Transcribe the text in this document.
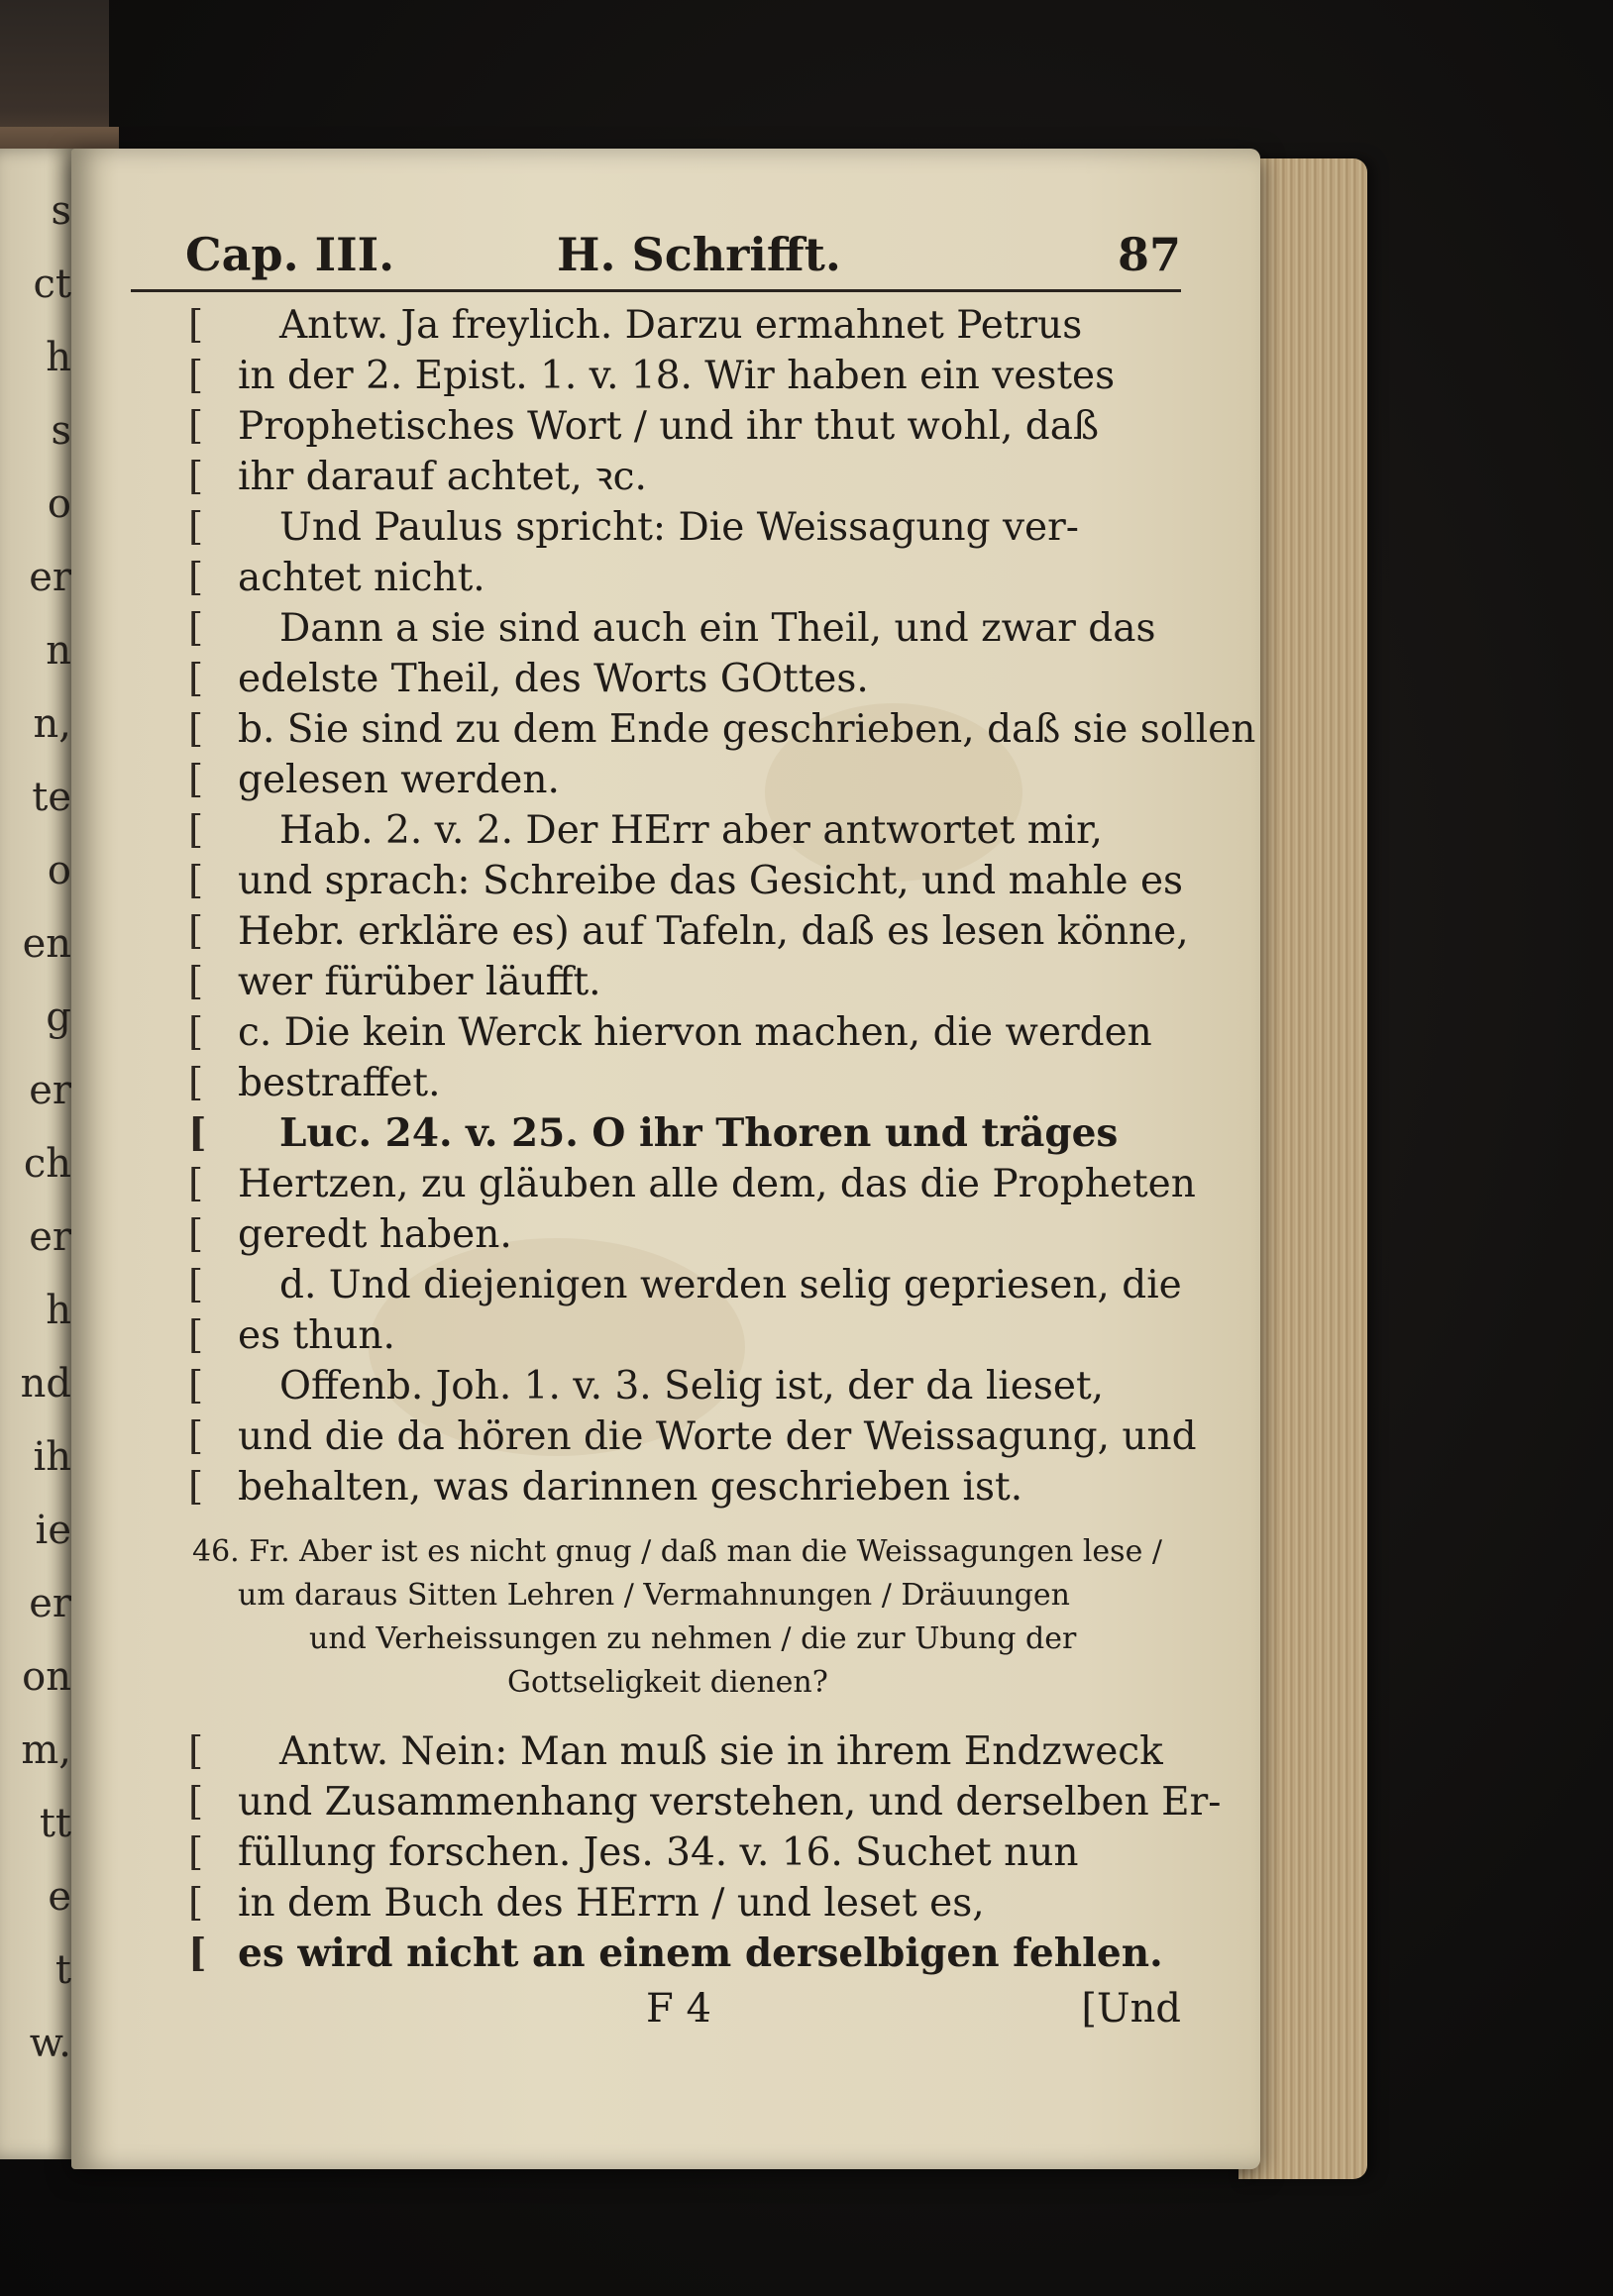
s
ct
h
s
o
er
n
n,
te
o
en
g
er
ch
er
h
nd
ih
ie
er
on
m,
tt
e
t
w.
Cap. III.	H. Schrifft.	87
[ Antw. Ja freylich. Darzu ermahnet Petrus
[ in der 2. Epist. 1. v. 18. Wir haben ein vestes
[ Prophetisches Wort / und ihr thut wohl, daß
[ ihr darauf achtet, ꝛc.
[ Und Paulus spricht: Die Weissagung ver-
[ achtet nicht.
[ Dann a sie sind auch ein Theil, und zwar das
[ edelste Theil, des Worts GOttes.
[ b. Sie sind zu dem Ende geschrieben, daß sie sollen
[ gelesen werden.
[ Hab. 2. v. 2. Der HErr aber antwortet mir,
[ und sprach: Schreibe das Gesicht, und mahle es
[ Hebr. erkläre es) auf Tafeln, daß es lesen könne,
[ wer fürüber läufft.
[ c. Die kein Werck hiervon machen, die werden
[ bestraffet.
[ Luc. 24. v. 25. O ihr Thoren und träges
[ Hertzen, zu gläuben alle dem, das die Propheten
[ geredt haben.
[ d. Und diejenigen werden selig gepriesen, die
[ es thun.
[ Offenb. Joh. 1. v. 3. Selig ist, der da lieset,
[ und die da hören die Worte der Weissagung, und
[ behalten, was darinnen geschrieben ist.
46. Fr. Aber ist es nicht gnug / daß man die Weissagungen lese /
um daraus Sitten Lehren / Vermahnungen / Dräuungen
und Verheissungen zu nehmen / die zur Ubung der
Gottseligkeit dienen?
[ Antw. Nein: Man muß sie in ihrem Endzweck
[ und Zusammenhang verstehen, und derselben Er-
[ füllung forschen. Jes. 34. v. 16. Suchet nun
[ in dem Buch des HErrn / und leset es,
[ es wird nicht an einem derselbigen fehlen.
F 4	[Und
